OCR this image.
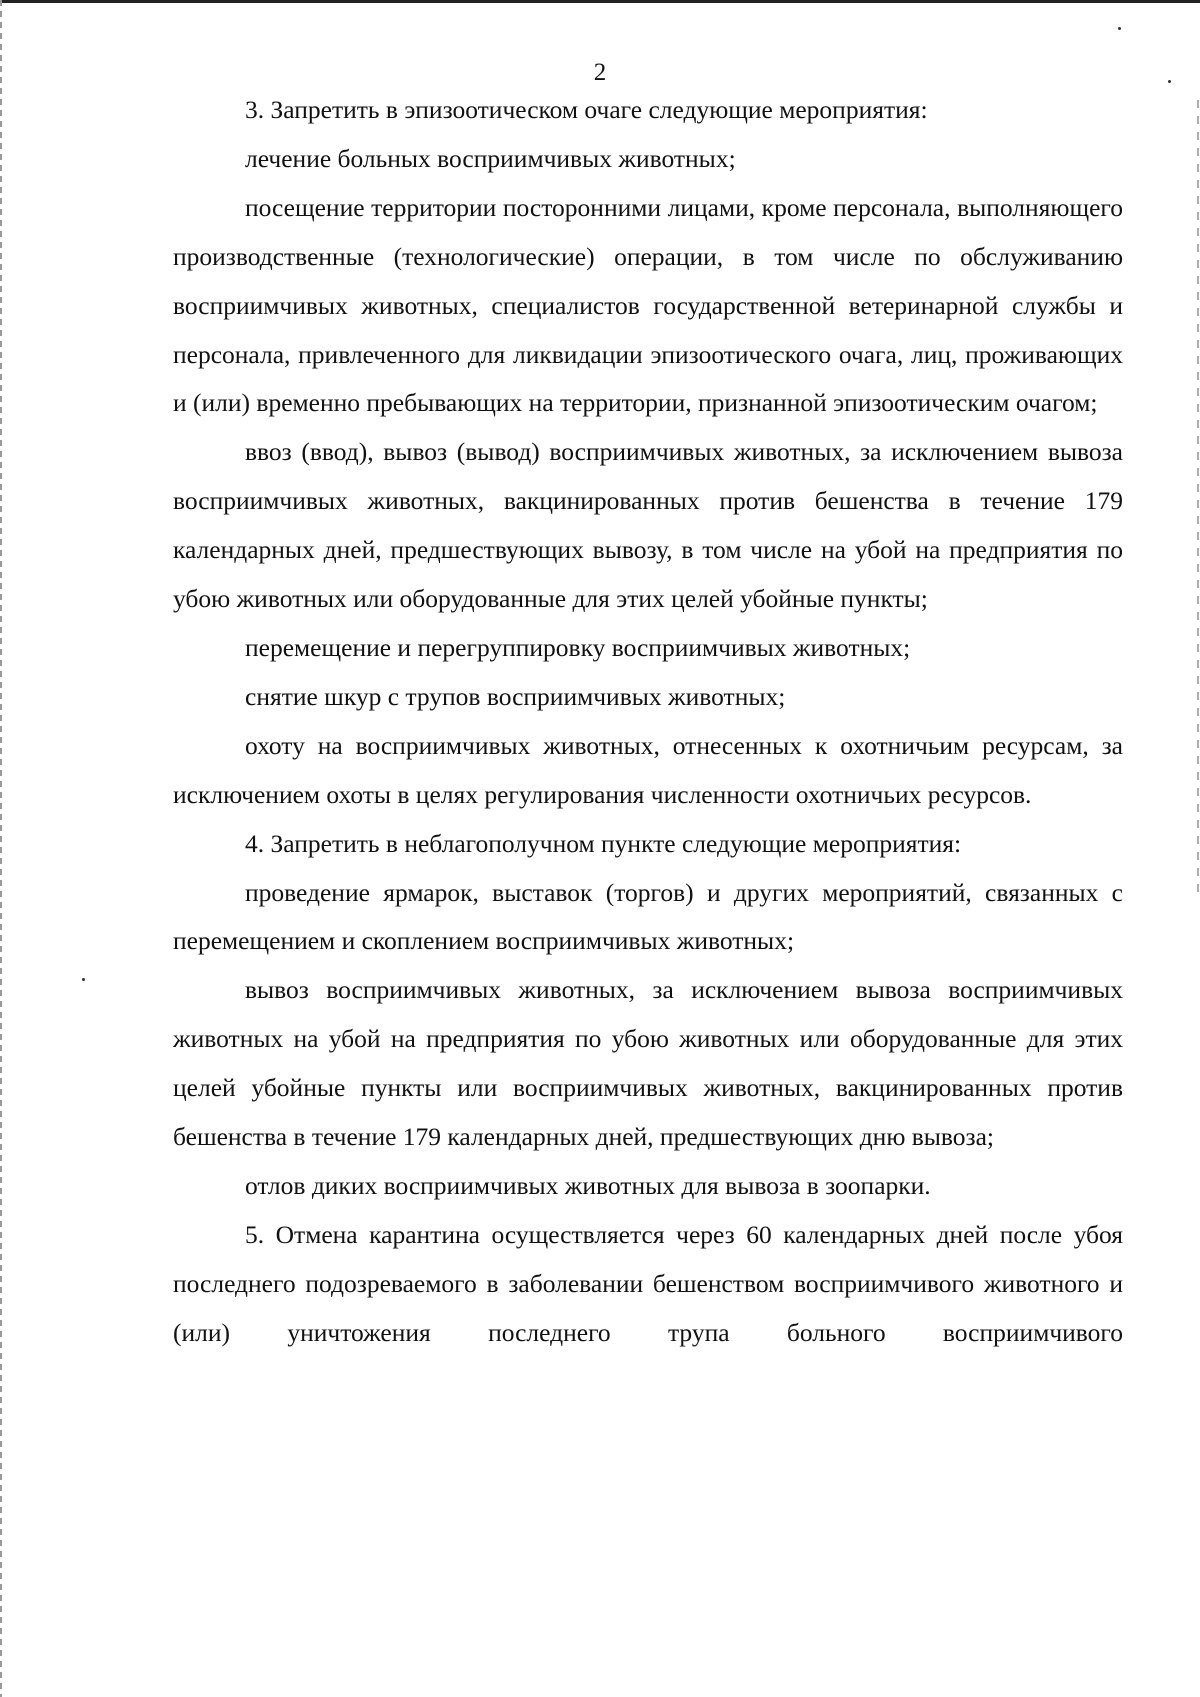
2

3. Запретить в эпизоотическом очаге следующие мероприятия:

лечение больных восприимчивых животных;

посещение территории посторонними лицами, кроме персонала, выполняющего производственные (технологические) операции, в том числе по обслуживанию восприимчивых животных, специалистов государственной ветеринарной службы и персонала, привлеченного для ликвидации эпизоотического очага, лиц, проживающих и (или) временно пребывающих на территории, признанной эпизоотическим очагом;

ввоз (ввод), вывоз (вывод) восприимчивых животных, за исключением вывоза восприимчивых животных, вакцинированных против бешенства в течение 179 календарных дней, предшествующих вывозу, в том числе на убой на предприятия по убою животных или оборудованные для этих целей убойные пункты;

перемещение и перегруппировку восприимчивых животных;

снятие шкур с трупов восприимчивых животных;

охоту на восприимчивых животных, отнесенных к охотничьим ресурсам, за исключением охоты в целях регулирования численности охотничьих ресурсов.

4. Запретить в неблагополучном пункте следующие мероприятия:

проведение ярмарок, выставок (торгов) и других мероприятий, связанных с перемещением и скоплением восприимчивых животных;

вывоз восприимчивых животных, за исключением вывоза восприимчивых животных на убой на предприятия по убою животных или оборудованные для этих целей убойные пункты или восприимчивых животных, вакцинированных против бешенства в течение 179 календарных дней, предшествующих дню вывоза;

отлов диких восприимчивых животных для вывоза в зоопарки.

5. Отмена карантина осуществляется через 60 календарных дней после убоя последнего подозреваемого в заболевании бешенством восприимчивого животного и (или) уничтожения последнего трупа больного восприимчивого
